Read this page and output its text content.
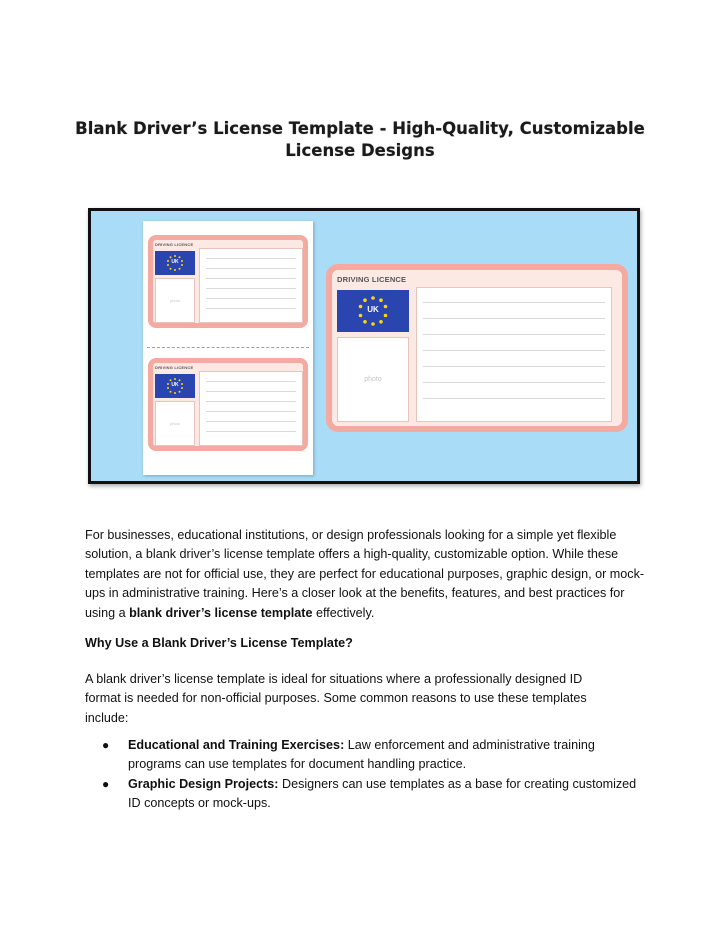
Blank Driver’s License Template - High-Quality, Customizable License Designs
DRIVING LICENCE
UK
photo
DRIVING LICENCE
UK
photo
DRIVING LICENCE
UK
photo
For businesses, educational institutions, or design professionals looking for a simple yet flexible solution, a blank driver’s license template offers a high-quality, customizable option. While these templates are not for official use, they are perfect for educational purposes, graphic design, or mock-ups in administrative training. Here’s a closer look at the benefits, features, and best practices for using a blank driver’s license template effectively.
Why Use a Blank Driver’s License Template?
A blank driver’s license template is ideal for situations where a professionally designed ID format is needed for non-official purposes. Some common reasons to use these templates include:
● Educational and Training Exercises: Law enforcement and administrative training programs can use templates for document handling practice.
● Graphic Design Projects: Designers can use templates as a base for creating customized ID concepts or mock-ups.
